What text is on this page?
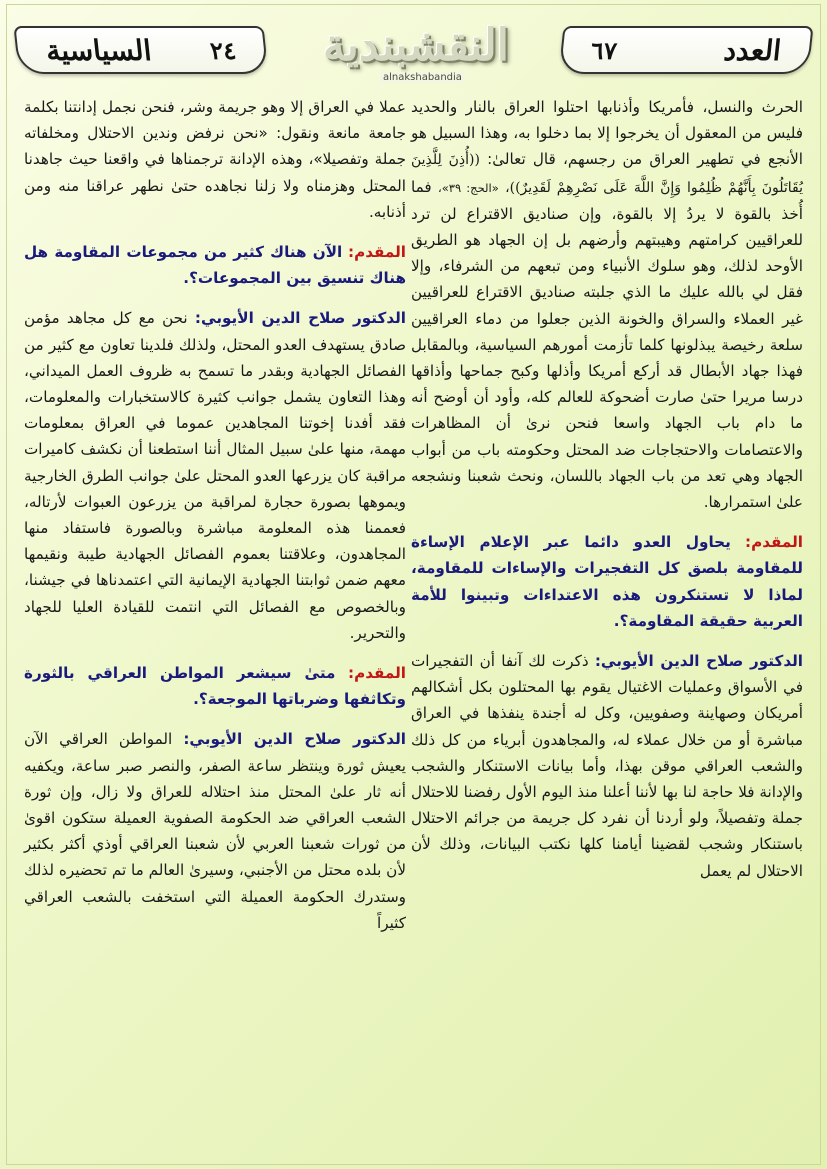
العدد
٦٧
النقشبندية
alnakshabandia
٢٤
السياسية

الحرث والنسل، فأمريكا وأذنابها احتلوا العراق بالنار والحديد فليس من المعقول أن يخرجوا إلا بما دخلوا به، وهذا السبيل هو الأنجع في تطهير العراق من رجسهم، قال تعالىٰ: ((أُذِنَ لِلَّذِينَ يُقَاتَلُونَ بِأَنَّهُمْ ظُلِمُوا وَإِنَّ اللَّهَ عَلَى نَصْرِهِمْ لَقَدِيرٌ))، «الحج: ٣٩»، فما أُخذ بالقوة لا يردُ إلا بالقوة، وإن صناديق الاقتراع لن ترد للعراقيين كرامتهم وهيبتهم وأرضهم بل إن الجهاد هو الطريق الأوحد لذلك، وهو سلوك الأنبياء ومن تبعهم من الشرفاء، وإلا فقل لي بالله عليك ما الذي جلبته صناديق الاقتراع للعراقيين غير العملاء والسراق والخونة الذين جعلوا من دماء العراقيين سلعة رخيصة يبذلونها كلما تأزمت أمورهم السياسية، وبالمقابل فهذا جهاد الأبطال قد أركع أمريكا وأذلها وكبح جماحها وأذاقها درسا مريرا حتىٰ صارت أضحوكة للعالم كله، وأود أن أوضح أنه ما دام باب الجهاد واسعا فنحن نرىٰ أن المظاهرات والاعتصامات والاحتجاجات ضد المحتل وحكومته باب من أبواب الجهاد وهي تعد من باب الجهاد باللسان، ونحث شعبنا ونشجعه علىٰ استمرارها.

المقدم: يحاول العدو دائما عبر الإعلام الإساءة للمقاومة بلصق كل التفجيرات والإساءات للمقاومة، لماذا لا تستنكرون هذه الاعتداءات وتبينوا للأمة العربية حقيقة المقاومة؟.

الدكتور صلاح الدين الأيوبي: ذكرت لك آنفا أن التفجيرات في الأسواق وعمليات الاغتيال يقوم بها المحتلون بكل أشكالهم أمريكان وصهاينة وصفويين، وكل له أجندة ينفذها في العراق مباشرة أو من خلال عملاء له، والمجاهدون أبرياء من كل ذلك والشعب العراقي موقن بهذا، وأما بيانات الاستنكار والشجب والإدانة فلا حاجة لنا بها لأننا أعلنا منذ اليوم الأول رفضنا للاحتلال جملة وتفصيلاً، ولو أردنا أن نفرد كل جريمة من جرائم الاحتلال باستنكار وشجب لقضينا أيامنا كلها نكتب البيانات، وذلك لأن الاحتلال لم يعمل

عملا في العراق إلا وهو جريمة وشر، فنحن نجمل إدانتنا بكلمة جامعة مانعة ونقول: «نحن نرفض وندين الاحتلال ومخلفاته جملة وتفصيلا»، وهذه الإدانة ترجمناها في واقعنا حيث جاهدنا المحتل وهزمناه ولا زلنا نجاهده حتىٰ نطهر عراقنا منه ومن أذنابه.

المقدم: الآن هناك كثير من مجموعات المقاومة هل هناك تنسيق بين المجموعات؟.

الدكتور صلاح الدين الأيوبي: نحن مع كل مجاهد مؤمن صادق يستهدف العدو المحتل، ولذلك فلدينا تعاون مع كثير من الفصائل الجهادية وبقدر ما تسمح به ظروف العمل الميداني، وهذا التعاون يشمل جوانب كثيرة كالاستخبارات والمعلومات، فقد أفدنا إخوتنا المجاهدين عموما في العراق بمعلومات مهمة، منها علىٰ سبيل المثال أننا استطعنا أن نكشف كاميرات مراقبة كان يزرعها العدو المحتل علىٰ جوانب الطرق الخارجية ويموهها بصورة حجارة لمراقبة من يزرعون العبوات لأرتاله، فعممنا هذه المعلومة مباشرة وبالصورة فاستفاد منها المجاهدون، وعلاقتنا بعموم الفصائل الجهادية طيبة ونقيمها معهم ضمن ثوابتنا الجهادية الإيمانية التي اعتمدناها في جيشنا، وبالخصوص مع الفصائل التي انتمت للقيادة العليا للجهاد والتحرير.

المقدم: متىٰ سيشعر المواطن العراقي بالثورة وتكاثفها وضرباتها الموجعة؟.

الدكتور صلاح الدين الأيوبي: المواطن العراقي الآن يعيش ثورة وينتظر ساعة الصفر، والنصر صبر ساعة، ويكفيه أنه ثار علىٰ المحتل منذ احتلاله للعراق ولا زال، وإن ثورة الشعب العراقي ضد الحكومة الصفوية العميلة ستكون اقوىٰ من ثورات شعبنا العربي لأن شعبنا العراقي أوذي أكثر بكثير لأن بلده محتل من الأجنبي، وسيرىٰ العالم ما تم تحضيره لذلك وستدرك الحكومة العميلة التي استخفت بالشعب العراقي كثيراً
